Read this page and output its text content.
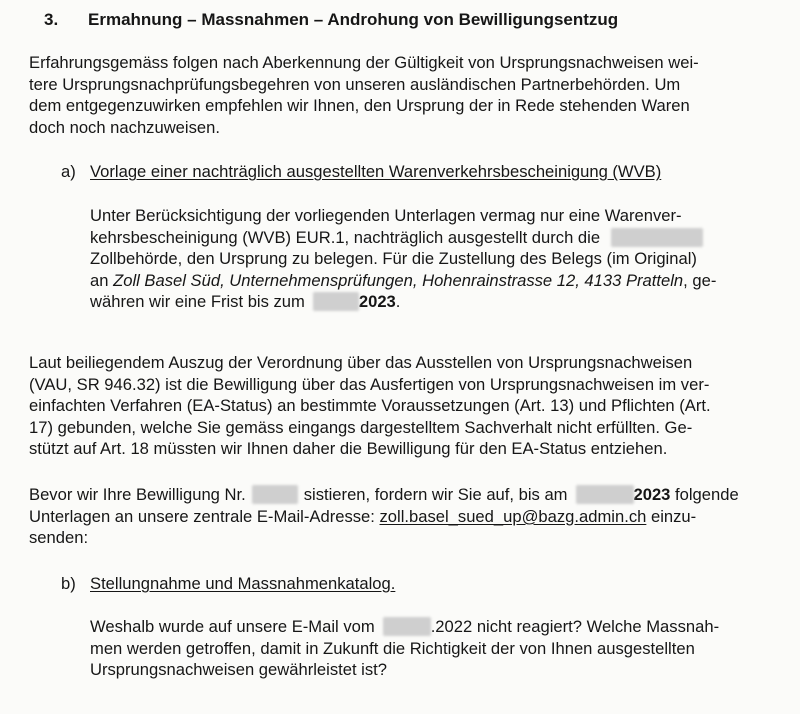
3. Ermahnung – Massnahmen – Androhung von Bewilligungsentzug
Erfahrungsgemäss folgen nach Aberkennung der Gültigkeit von Ursprungsnachweisen wei-
tere Ursprungsnachprüfungsbegehren von unseren ausländischen Partnerbehörden. Um
dem entgegenzuwirken empfehlen wir Ihnen, den Ursprung der in Rede stehenden Waren
doch noch nachzuweisen.
a) Vorlage einer nachträglich ausgestellten Warenverkehrsbescheinigung (WVB)
Unter Berücksichtigung der vorliegenden Unterlagen vermag nur eine Warenver-
kehrsbescheinigung (WVB) EUR.1, nachträglich ausgestellt durch die
Zollbehörde, den Ursprung zu belegen. Für die Zustellung des Belegs (im Original)
an Zoll Basel Süd, Unternehmensprüfungen, Hohenrainstrasse 12, 4133 Pratteln, ge-
währen wir eine Frist bis zum	2023.
Laut beiliegendem Auszug der Verordnung über das Ausstellen von Ursprungsnachweisen
(VAU, SR 946.32) ist die Bewilligung über das Ausfertigen von Ursprungsnachweisen im ver-
einfachten Verfahren (EA-Status) an bestimmte Voraussetzungen (Art. 13) und Pflichten (Art.
17) gebunden, welche Sie gemäss eingangs dargestelltem Sachverhalt nicht erfüllten. Ge-
stützt auf Art. 18 müssten wir Ihnen daher die Bewilligung für den EA-Status entziehen.
Bevor wir Ihre Bewilligung Nr.	sistieren, fordern wir Sie auf, bis am	2023 folgende
Unterlagen an unsere zentrale E-Mail-Adresse: zoll.basel_sued_up@bazg.admin.ch einzu-
senden:
b) Stellungnahme und Massnahmenkatalog.
Weshalb wurde auf unsere E-Mail vom	.2022 nicht reagiert? Welche Massnah-
men werden getroffen, damit in Zukunft die Richtigkeit der von Ihnen ausgestellten
Ursprungsnachweisen gewährleistet ist?
